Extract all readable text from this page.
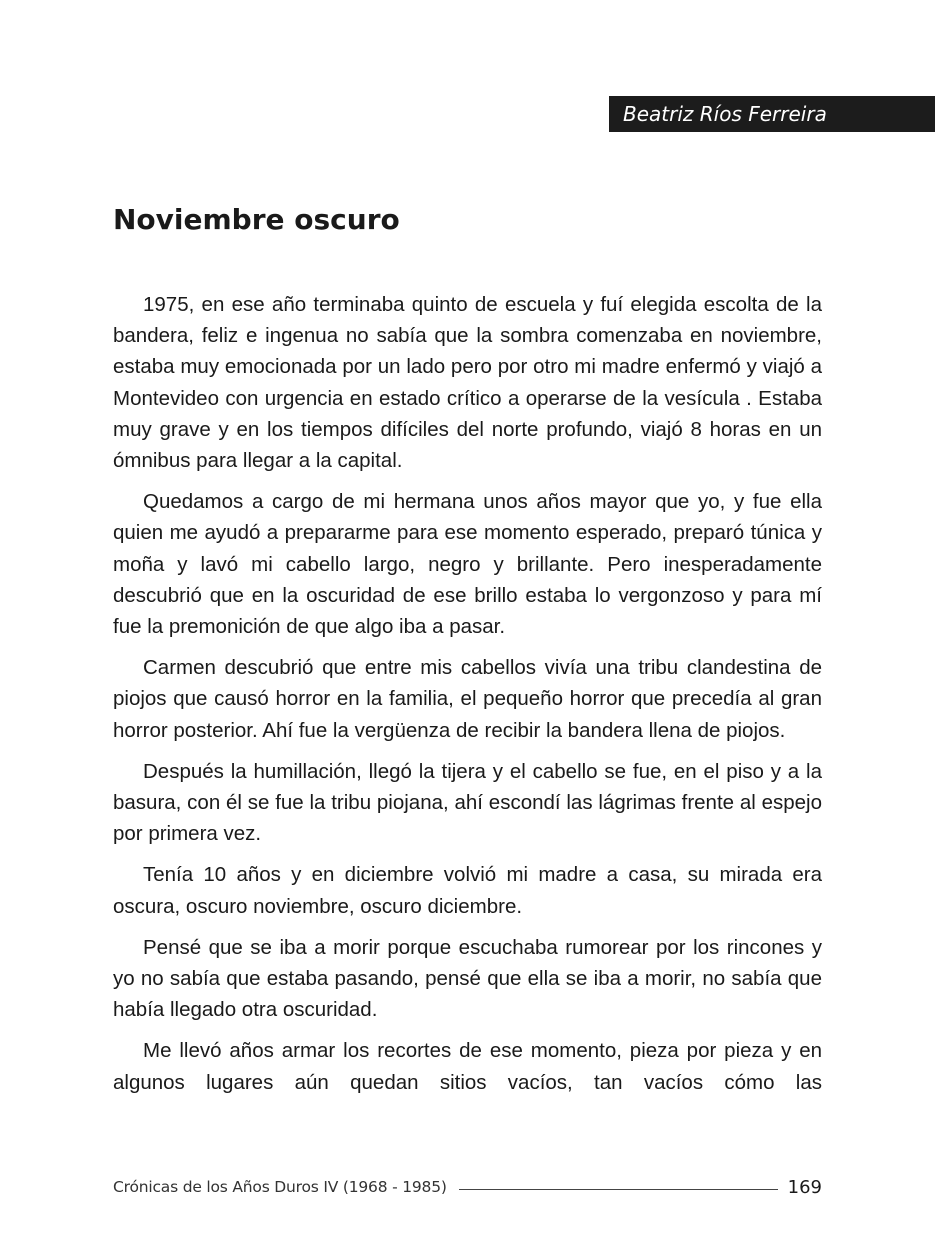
Beatriz Ríos Ferreira
Noviembre oscuro

1975, en ese año terminaba quinto de escuela y fuí elegida escolta de la bandera, feliz e ingenua no sabía que la sombra comenzaba en noviembre, estaba muy emocionada por un lado pero por otro mi madre enfermó y viajó a Montevideo con urgencia en estado crítico a operarse de la vesícula . Estaba muy grave y en los tiempos difíciles del norte profundo, viajó 8 horas en un ómnibus para llegar a la capital.

Quedamos a cargo de mi hermana unos años mayor que yo, y fue ella quien me ayudó a prepararme para ese momento esperado, preparó túnica y moña y lavó mi cabello largo, negro y brillante. Pero inesperadamente descubrió que en la oscuridad de ese brillo estaba lo vergonzoso y para mí fue la premonición de que algo iba a pasar.

Carmen descubrió que entre mis cabellos vivía una tribu clandestina de piojos que causó horror en la familia, el pequeño horror que precedía al gran horror posterior. Ahí fue la vergüenza de recibir la bandera llena de piojos.

Después la humillación, llegó la tijera y el cabello se fue, en el piso y a la basura, con él se fue la tribu piojana, ahí escondí las lágrimas frente al espejo por primera vez.

Tenía 10 años y en diciembre volvió mi madre a casa, su mirada era oscura, oscuro noviembre, oscuro diciembre.

Pensé que se iba a morir porque escuchaba rumorear por los rincones y yo no sabía que estaba pasando, pensé que ella se iba a morir, no sabía que había llegado otra oscuridad.

Me llevó años armar los recortes de ese momento, pieza por pieza y en algunos lugares aún quedan sitios vacíos, tan vacíos cómo las

Crónicas de los Años Duros IV (1968 - 1985)	169
